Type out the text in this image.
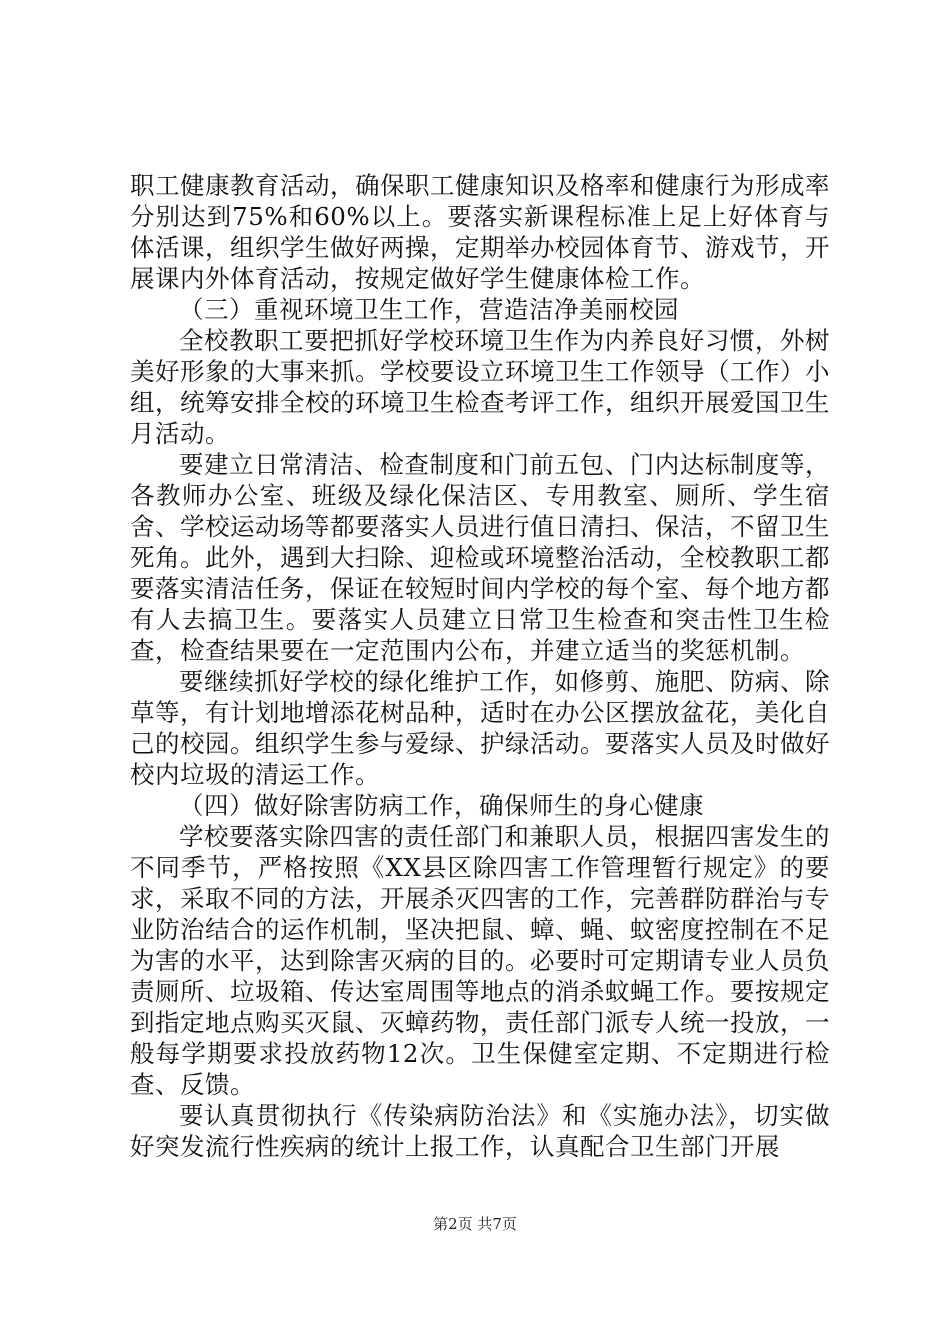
职工健康教育活动，确保职工健康知识及格率和健康行为形成率分别达到75%和60%以上。要落实新课程标准上足上好体育与体活课，组织学生做好两操，定期举办校园体育节、游戏节，开展课内外体育活动，按规定做好学生健康体检工作。

（三）重视环境卫生工作，营造洁净美丽校园

全校教职工要把抓好学校环境卫生作为内养良好习惯，外树美好形象的大事来抓。学校要设立环境卫生工作领导（工作）小组，统筹安排全校的环境卫生检查考评工作，组织开展爱国卫生月活动。

要建立日常清洁、检查制度和门前五包、门内达标制度等，各教师办公室、班级及绿化保洁区、专用教室、厕所、学生宿舍、学校运动场等都要落实人员进行值日清扫、保洁，不留卫生死角。此外，遇到大扫除、迎检或环境整治活动，全校教职工都要落实清洁任务，保证在较短时间内学校的每个室、每个地方都有人去搞卫生。要落实人员建立日常卫生检查和突击性卫生检查，检查结果要在一定范围内公布，并建立适当的奖惩机制。

要继续抓好学校的绿化维护工作，如修剪、施肥、防病、除草等，有计划地增添花树品种，适时在办公区摆放盆花，美化自己的校园。组织学生参与爱绿、护绿活动。要落实人员及时做好校内垃圾的清运工作。

（四）做好除害防病工作，确保师生的身心健康

学校要落实除四害的责任部门和兼职人员，根据四害发生的不同季节，严格按照《XX县区除四害工作管理暂行规定》的要求，采取不同的方法，开展杀灭四害的工作，完善群防群治与专业防治结合的运作机制，坚决把鼠、蟑、蝇、蚊密度控制在不足为害的水平，达到除害灭病的目的。必要时可定期请专业人员负责厕所、垃圾箱、传达室周围等地点的消杀蚊蝇工作。要按规定到指定地点购买灭鼠、灭蟑药物，责任部门派专人统一投放，一般每学期要求投放药物12次。卫生保健室定期、不定期进行检查、反馈。

要认真贯彻执行《传染病防治法》和《实施办法》，切实做好突发流行性疾病的统计上报工作，认真配合卫生部门开展

第2页 共7页
